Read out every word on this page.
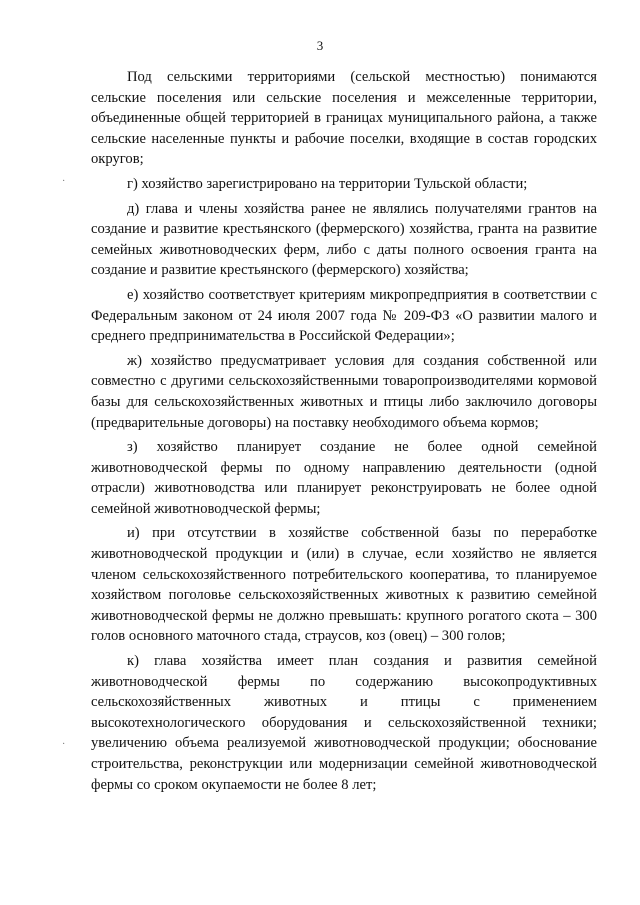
3
·
·

Под сельскими территориями (сельской местностью) понимаются сельские поселения или сельские поселения и межселенные территории, объединенные общей территорией в границах муниципального района, а также сельские населенные пункты и рабочие поселки, входящие в состав городских округов;

г) хозяйство зарегистрировано на территории Тульской области;

д) глава и члены хозяйства ранее не являлись получателями грантов на создание и развитие крестьянского (фермерского) хозяйства, гранта на развитие семейных животноводческих ферм, либо с даты полного освоения гранта на создание и развитие крестьянского (фермерского) хозяйства;

е) хозяйство соответствует критериям микропредприятия в соответствии с Федеральным законом от 24 июля 2007 года № 209-ФЗ «О развитии малого и среднего предпринимательства в Российской Федерации»;

ж) хозяйство предусматривает условия для создания собственной или совместно с другими сельскохозяйственными товаропроизводителями кормовой базы для сельскохозяйственных животных и птицы либо заключило договоры (предварительные договоры) на поставку необходимого объема кормов;

з) хозяйство планирует создание не более одной семейной животноводческой фермы по одному направлению деятельности (одной отрасли) животноводства или планирует реконструировать не более одной семейной животноводческой фермы;

и) при отсутствии в хозяйстве собственной базы по переработке животноводческой продукции и (или) в случае, если хозяйство не является членом сельскохозяйственного потребительского кооператива, то планируемое хозяйством поголовье сельскохозяйственных животных к развитию семейной животноводческой фермы не должно превышать: крупного рогатого скота – 300 голов основного маточного стада, страусов, коз (овец) – 300 голов;

к) глава хозяйства имеет план создания и развития семейной животноводческой фермы по содержанию высокопродуктивных сельскохозяйственных животных и птицы с применением высокотехнологического оборудования и сельскохозяйственной техники; увеличению объема реализуемой животноводческой продукции; обоснование строительства, реконструкции или модернизации семейной животноводческой фермы со сроком окупаемости не более 8 лет;
